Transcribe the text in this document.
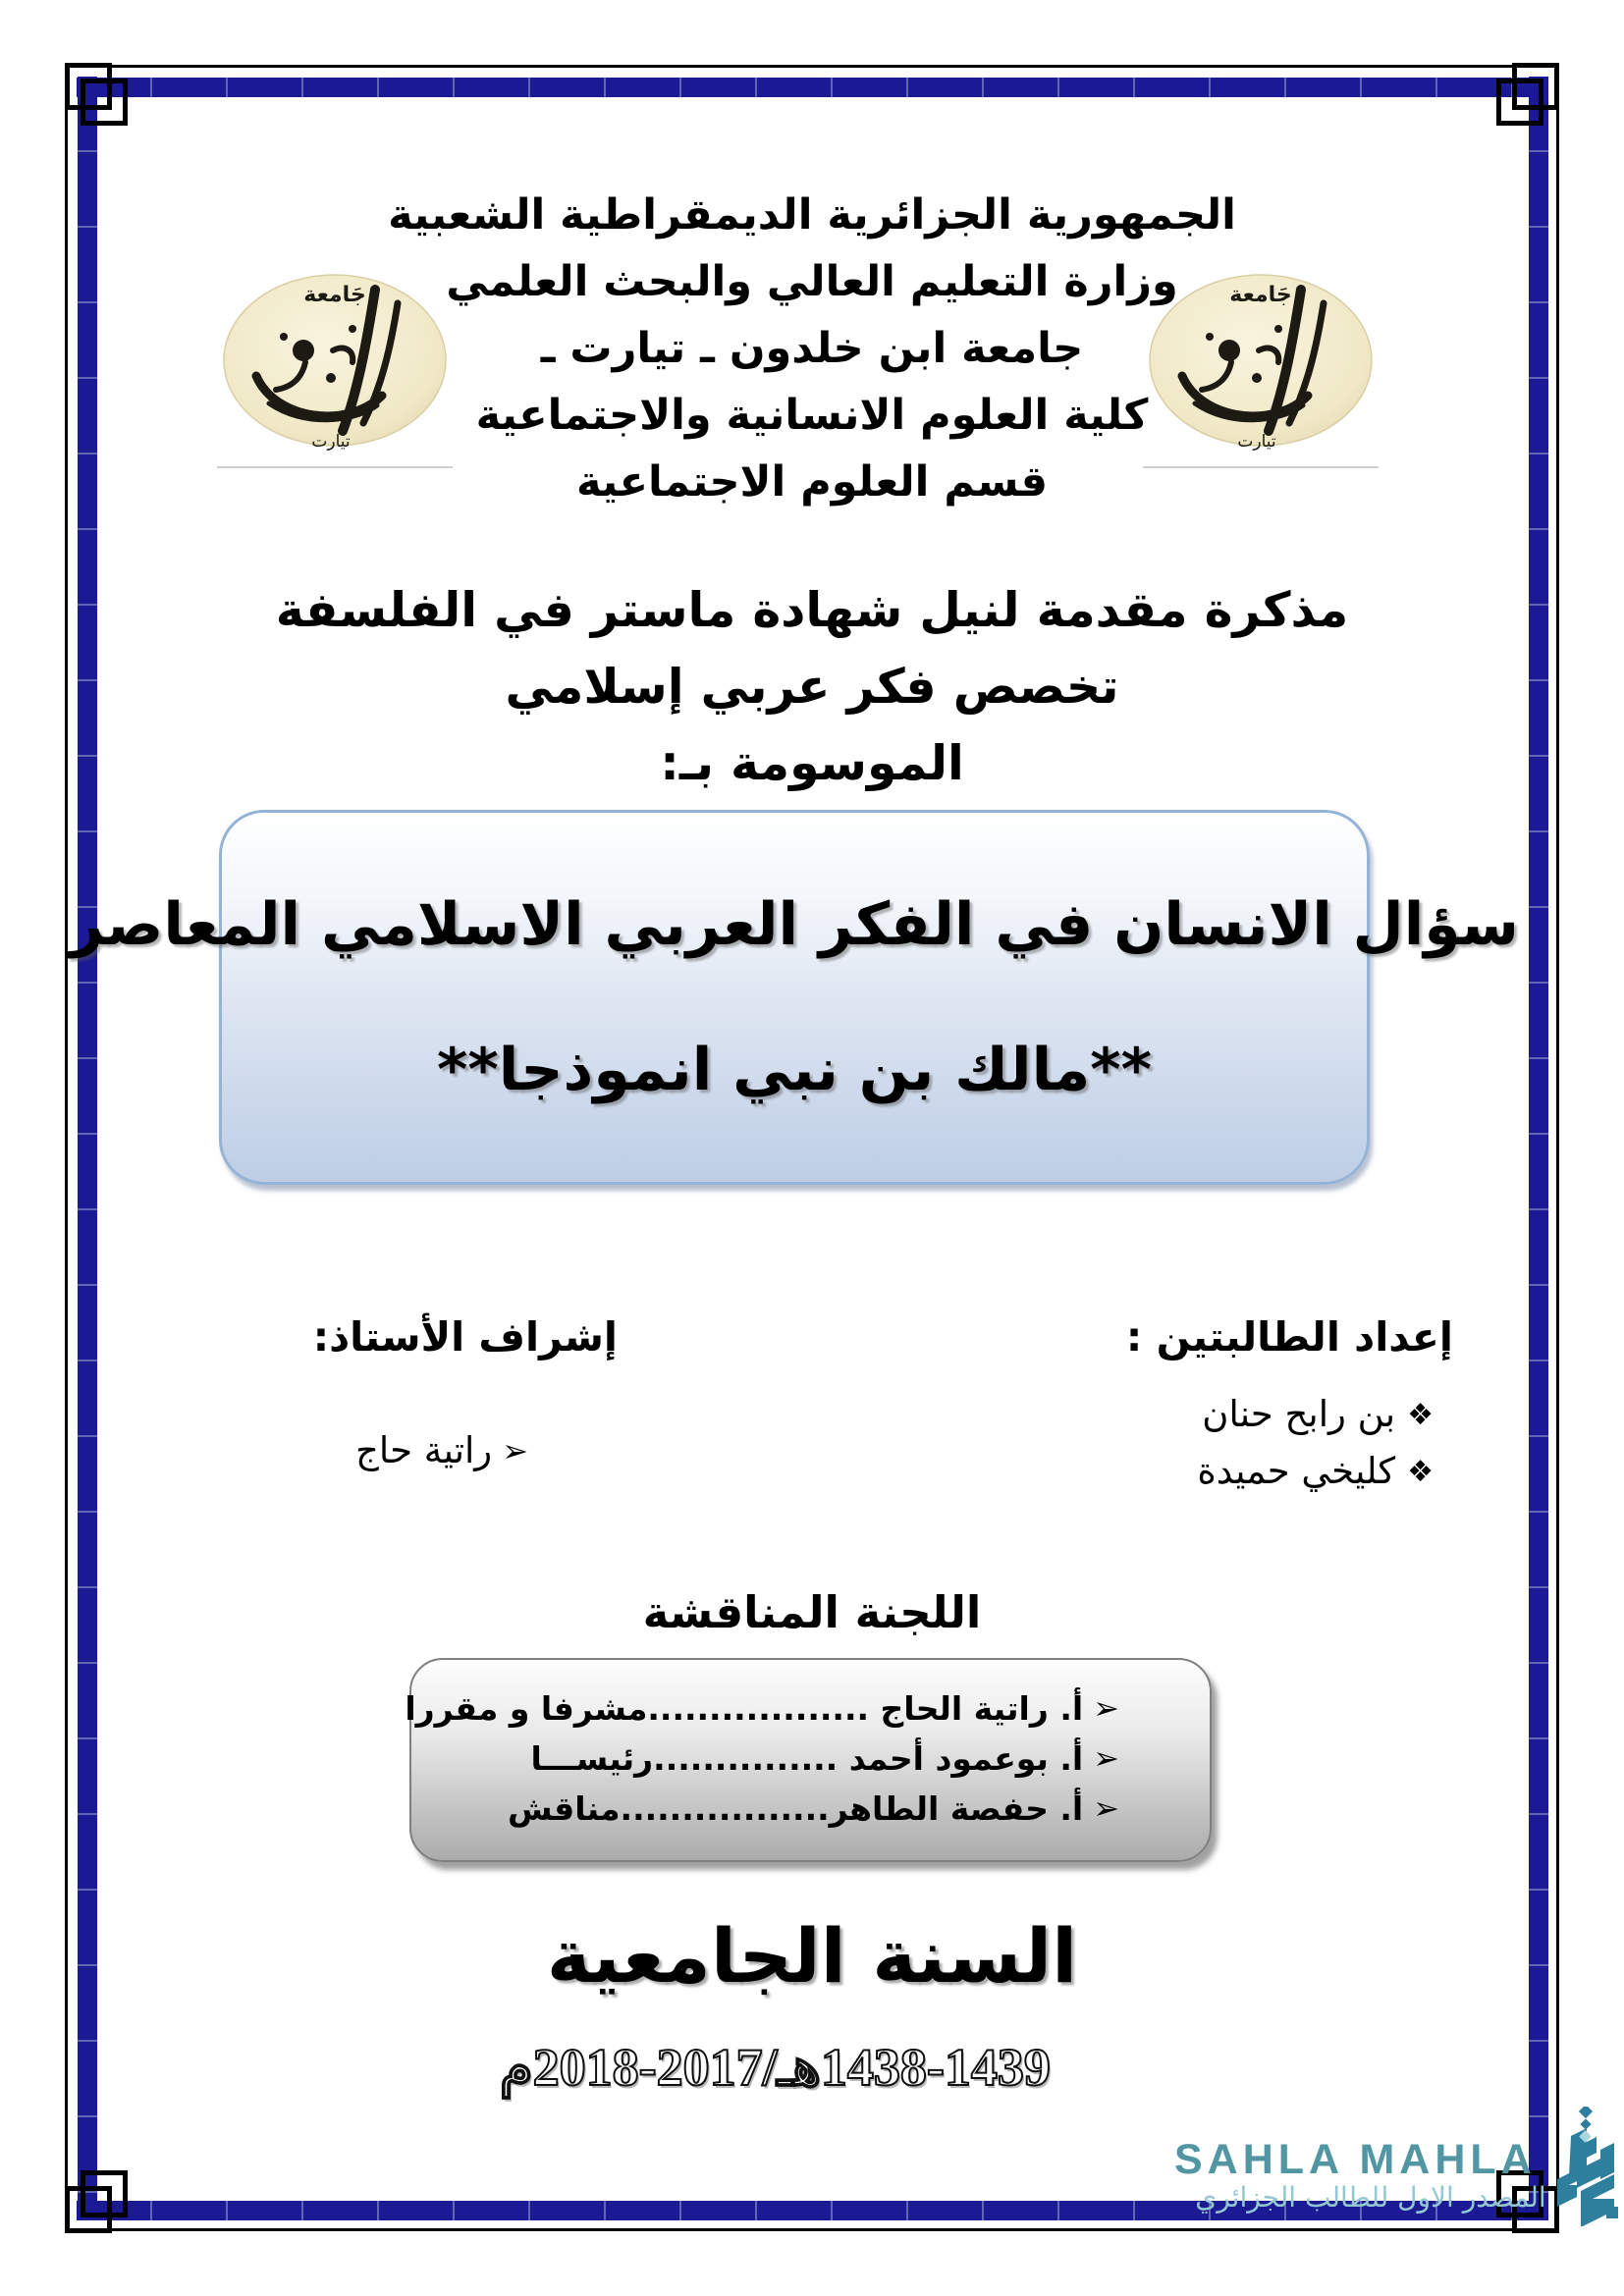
جَامعة
تيارت
جَامعة
تيارت
الجمهورية الجزائرية الديمقراطية الشعبية
وزارة التعليم العالي والبحث العلمي
جامعة ابن خلدون ـ تيارت ـ
كلية العلوم الانسانية والاجتماعية
قسم العلوم الاجتماعية
مذكرة مقدمة لنيل شهادة ماستر في الفلسفة
تخصص فكر عربي إسلامي
الموسومة بـ:
سؤال الانسان في الفكر العربي الاسلامي المعاصر
**مالك بن نبي انموذجا**
إعداد الطالبتين :
❖بن رابح حنان
❖كليخي حميدة
إشراف الأستاذ:
➢راتية حاج
اللجنة المناقشة
➢أ. راتية الحاج ..................مشرفا و مقررا
➢أ. بوعمود أحمد ...............رئيســـا
➢أ. حفصة الطاهر.................مناقش
السنة الجامعية
1438-1439هـ/2017-2018م
SAHLA MAHLA
المصدر الاول للطالب الجزائري
